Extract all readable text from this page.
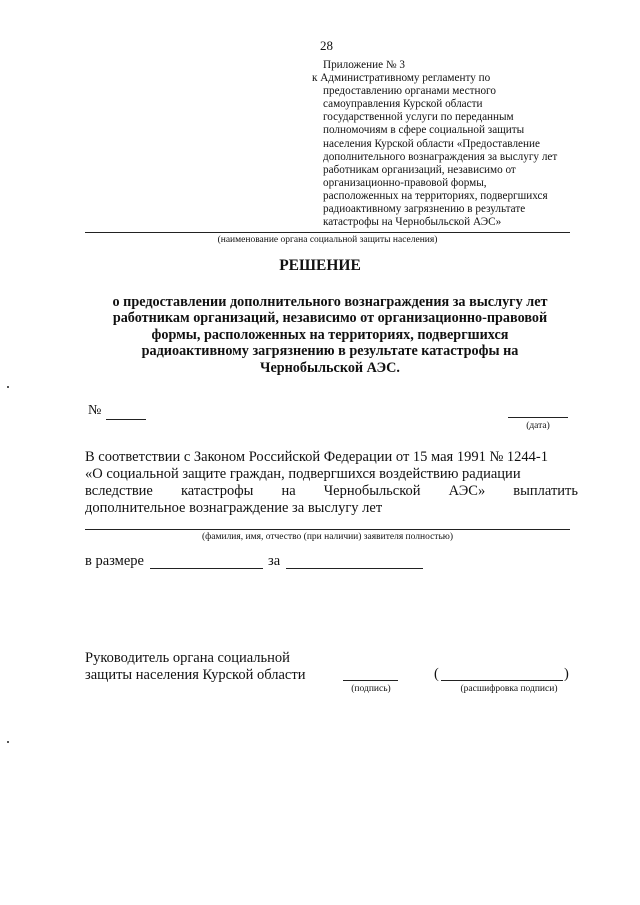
28
Приложение № 3
к Административному регламенту по
предоставлению органами местного
самоуправления Курской области
государственной услуги по переданным
полномочиям в сфере социальной защиты
населения Курской области «Предоставление
дополнительного вознаграждения за выслугу лет
работникам организаций, независимо от
организационно-правовой формы,
расположенных на территориях, подвергшихся
радиоактивному загрязнению в результате
катастрофы на Чернобыльской АЭС»
(наименование органа социальной защиты населения)
РЕШЕНИЕ
о предоставлении дополнительного вознаграждения за выслугу лет
работникам организаций, независимо от организационно-правовой
формы, расположенных на территориях, подвергшихся
радиоактивному загрязнению в результате катастрофы на
Чернобыльской АЭС.
№
(дата)
В соответствии с Законом Российской Федерации от 15 мая 1991 № 1244-1
«О социальной защите граждан, подвергшихся воздействию радиации
вследствие катастрофы на Чернобыльской АЭС» выплатить
дополнительное вознаграждение за выслугу лет
(фамилия, имя, отчество (при наличии) заявителя полностью)
в размере	за
Руководитель органа социальной
защиты населения Курской области
(подпись)
(	)
(расшифровка подписи)
